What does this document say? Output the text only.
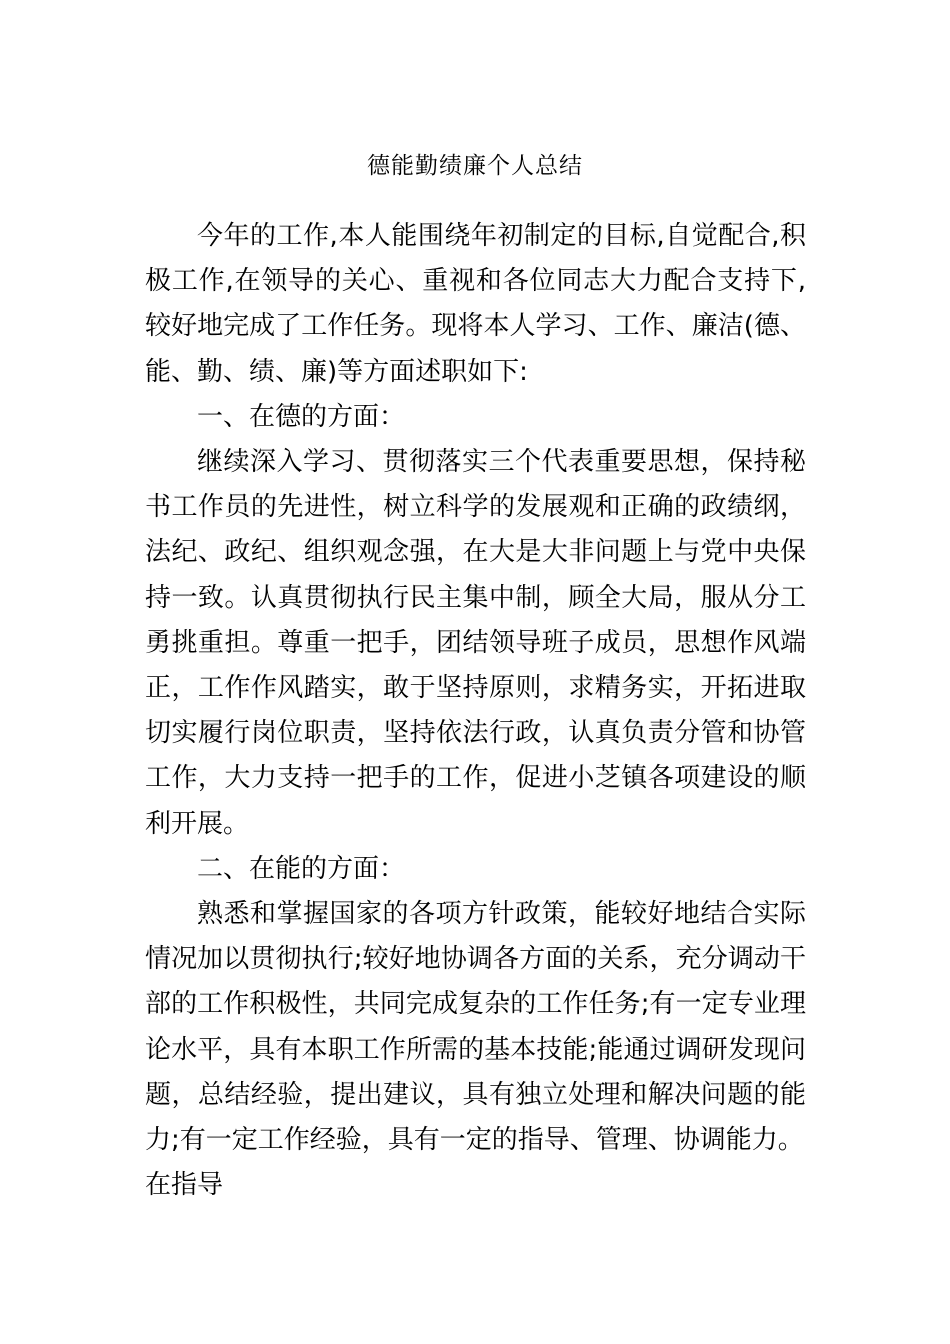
德能勤绩廉个人总结

今年的工作,本人能围绕年初制定的目标,自觉配合,积极工作,在领导的关心、重视和各位同志大力配合支持下,较好地完成了工作任务。现将本人学习、工作、廉洁(德、能、勤、绩、廉)等方面述职如下:

一、在德的方面：

继续深入学习、贯彻落实三个代表重要思想，保持秘书工作员的先进性，树立科学的发展观和正确的政绩纲，法纪、政纪、组织观念强，在大是大非问题上与党中央保持一致。认真贯彻执行民主集中制，顾全大局，服从分工勇挑重担。尊重一把手，团结领导班子成员，思想作风端正，工作作风踏实，敢于坚持原则，求精务实，开拓进取切实履行岗位职责，坚持依法行政，认真负责分管和协管工作，大力支持一把手的工作，促进小芝镇各项建设的顺利开展。

二、在能的方面：

熟悉和掌握国家的各项方针政策，能较好地结合实际情况加以贯彻执行;较好地协调各方面的关系，充分调动干部的工作积极性，共同完成复杂的工作任务;有一定专业理论水平，具有本职工作所需的基本技能;能通过调研发现问题，总结经验，提出建议，具有独立处理和解决问题的能力;有一定工作经验，具有一定的指导、管理、协调能力。

在指导
